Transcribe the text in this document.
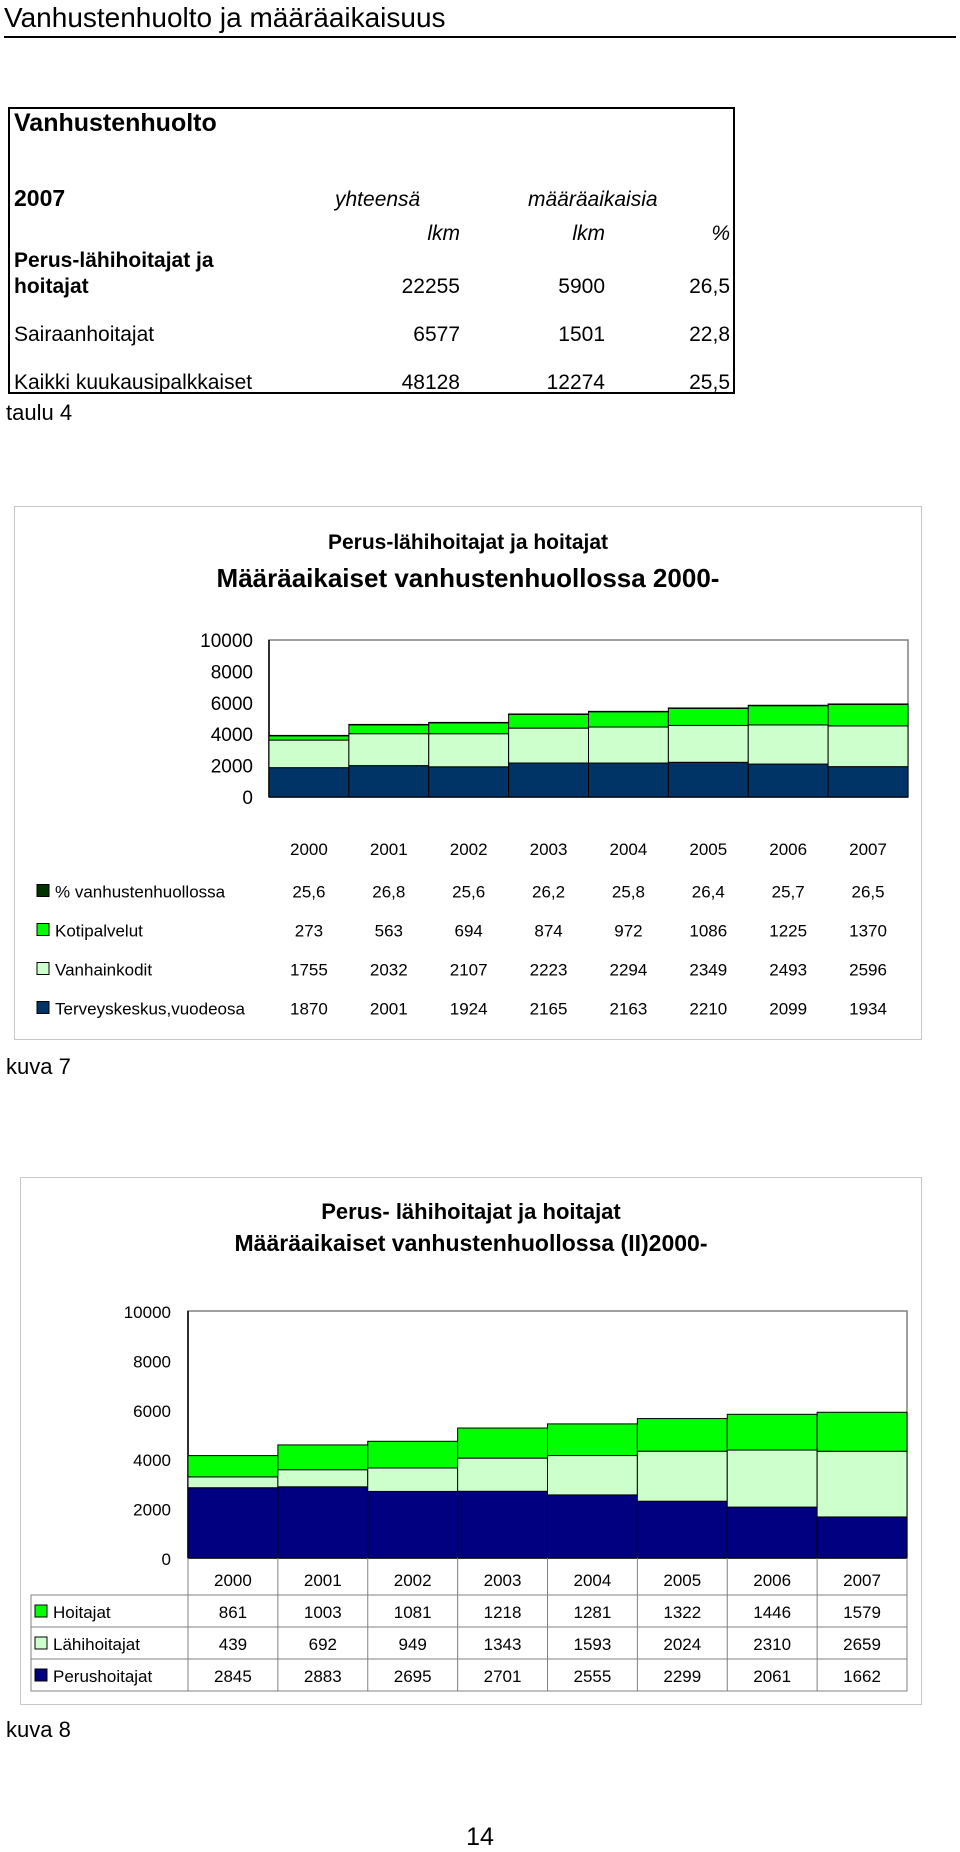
Vanhustenhuolto ja määräaikaisuus
Vanhustenhuolto
2007	yhteensä	määräaikaisia
lkm	lkm	%
Perus-lähihoitajat ja
hoitajat	22255	5900	26,5
Sairaanhoitajat	6577	1501	22,8
Kaikki kuukausipalkkaiset	48128	12274	25,5
taulu 4
Perus-lähihoitajat ja hoitajat
Määräaikaiset vanhustenhuollossa 2000-
0
2000
4000
6000
8000
10000
2000 2001 2002 2003 2004 2005 2006 2007
% vanhustenhuollossa	25,6	26,8	25,6	26,2	25,8	26,4	25,7	26,5
Kotipalvelut	273	563	694	874	972	1086 1225 1370
Vanhainkodit	1755 2032 2107 2223 2294 2349 2493 2596
Terveyskeskus,vuodeosa	1870 2001 1924 2165 2163 2210 2099 1934
kuva 7
Perus- lähihoitajat ja hoitajat
Määräaikaiset vanhustenhuollossa (II)2000-
0
2000
4000
6000
8000
10000
2000	2001	2002	2003	2004	2005	2006	2007
Hoitajat	861	1003	1081	1218	1281	1322	1446	1579
Lähihoitajat	439	692	949	1343	1593	2024	2310	2659
Perushoitajat	2845	2883	2695	2701	2555	2299	2061	1662
kuva 8
14
